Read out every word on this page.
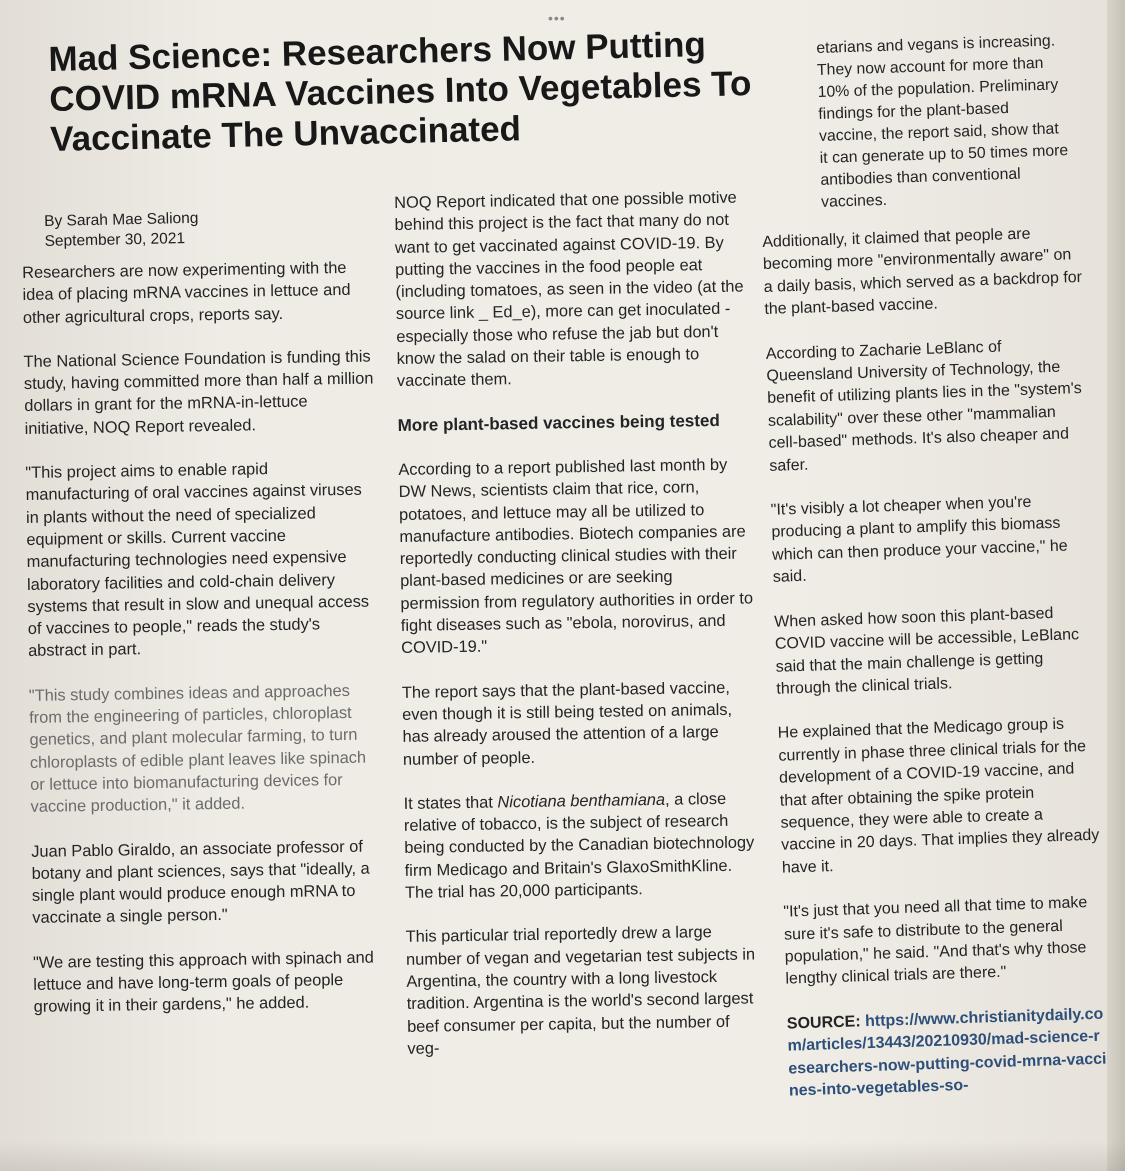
•••
Mad Science: Researchers Now Putting COVID mRNA Vaccines Into Vegetables To Vaccinate The Unvaccinated
By Sarah Mae Saliong
September 30, 2021

Researchers are now experimenting with the idea of placing mRNA vaccines in lettuce and other agricultural crops, reports say.

The National Science Foundation is funding this study, having committed more than half a million dollars in grant for the mRNA-in-lettuce initiative, NOQ Report revealed.

"This project aims to enable rapid manufacturing of oral vaccines against viruses in plants without the need of specialized equipment or skills. Current vaccine manufacturing technologies need expensive laboratory facilities and cold-chain delivery systems that result in slow and unequal access of vaccines to people," reads the study's abstract in part.

"This study combines ideas and approaches from the engineering of particles, chloroplast genetics, and plant molecular farming, to turn chloroplasts of edible plant leaves like spinach or lettuce into biomanufacturing devices for vaccine production," it added.

Juan Pablo Giraldo, an associate professor of botany and plant sciences, says that "ideally, a single plant would produce enough mRNA to vaccinate a single person."

"We are testing this approach with spinach and lettuce and have long-term goals of people growing it in their gardens," he added.

NOQ Report indicated that one possible motive behind this project is the fact that many do not want to get vaccinated against COVID-19. By putting the vaccines in the food people eat (including tomatoes, as seen in the video (at the source link _ Ed_e), more can get inoculated - especially those who refuse the jab but don't know the salad on their table is enough to vaccinate them.

More plant-based vaccines being tested

According to a report published last month by DW News, scientists claim that rice, corn, potatoes, and lettuce may all be utilized to manufacture antibodies. Biotech companies are reportedly conducting clinical studies with their plant-based medicines or are seeking permission from regulatory authorities in order to fight diseases such as "ebola, norovirus, and COVID-19."

The report says that the plant-based vaccine, even though it is still being tested on animals, has already aroused the attention of a large number of people.

It states that Nicotiana benthamiana, a close relative of tobacco, is the subject of research being conducted by the Canadian biotechnology firm Medicago and Britain's GlaxoSmithKline. The trial has 20,000 participants.

This particular trial reportedly drew a large number of vegan and vegetarian test subjects in Argentina, the country with a long livestock tradition. Argentina is the world's second largest beef consumer per capita, but the number of veg-

etarians and vegans is increasing. They now account for more than 10% of the population. Preliminary findings for the plant-based vaccine, the report said, show that it can generate up to 50 times more antibodies than conventional vaccines.

Additionally, it claimed that people are becoming more "environmentally aware" on a daily basis, which served as a backdrop for the plant-based vaccine.

According to Zacharie LeBlanc of Queensland University of Technology, the benefit of utilizing plants lies in the "system's scalability" over these other "mammalian cell-based" methods. It's also cheaper and safer.

"It's visibly a lot cheaper when you're producing a plant to amplify this biomass which can then produce your vaccine," he said.

When asked how soon this plant-based COVID vaccine will be accessible, LeBlanc said that the main challenge is getting through the clinical trials.

He explained that the Medicago group is currently in phase three clinical trials for the development of a COVID-19 vaccine, and that after obtaining the spike protein sequence, they were able to create a vaccine in 20 days. That implies they already have it.

"It's just that you need all that time to make sure it's safe to distribute to the general population," he said. "And that's why those lengthy clinical trials are there."

SOURCE: https://www.christianitydaily.com/articles/13443/20210930/mad-science-researchers-now-putting-covid-mrna-vaccines-into-vegetables-so-
